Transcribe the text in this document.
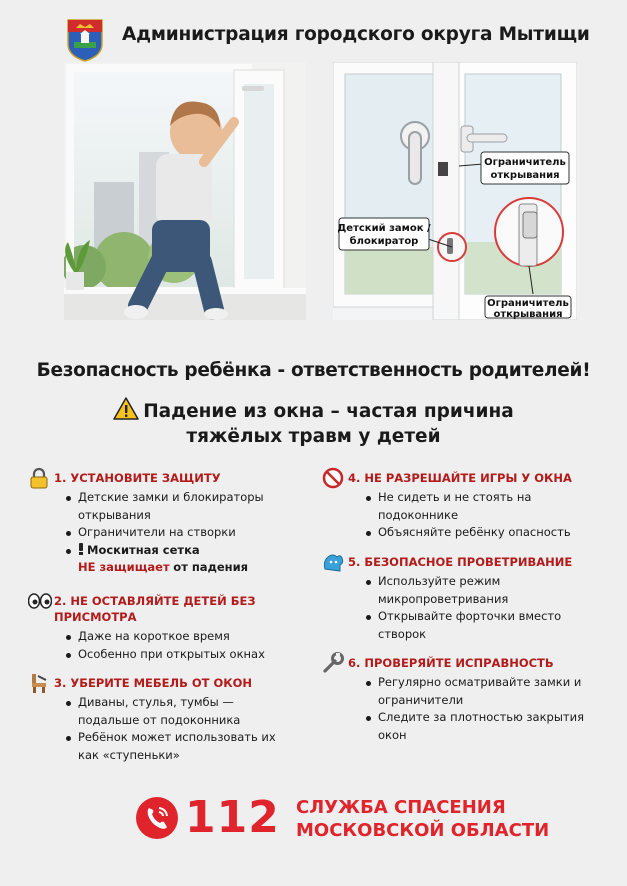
Администрация городского округа Мытищи
Детский замок /
блокиратор
Ограничитель
открывания
Ограничитель
открывания
Безопасность ребёнка - ответственность родителей!
Падение из окна – частая причина
тяжёлых травм у детей
1. УСТАНОВИТЕ ЗАЩИТУ
Детские замки и блокираторы открывания
Ограничители на створки
Москитная сетка
НЕ защищает от падения
2. НЕ ОСТАВЛЯЙТЕ ДЕТЕЙ БЕЗ ПРИСМОТРА
Даже на короткое время
Особенно при открытых окнах
3. УБЕРИТЕ МЕБЕЛЬ ОТ ОКОН
Диваны, стулья, тумбы — подальше от подоконника
Ребёнок может использовать их как «ступеньки»
4. НЕ РАЗРЕШАЙТЕ ИГРЫ У ОКНА
Не сидеть и не стоять на подоконнике
Объясняйте ребёнку опасность
5. БЕЗОПАСНОЕ ПРОВЕТРИВАНИЕ
Используйте режим микропроветривания
Открывайте форточки вместо створок
6. ПРОВЕРЯЙТЕ ИСПРАВНОСТЬ
Регулярно осматривайте замки и ограничители
Следите за плотностью закрытия окон
112 СЛУЖБА СПАСЕНИЯ
МОСКОВСКОЙ ОБЛАСТИ
